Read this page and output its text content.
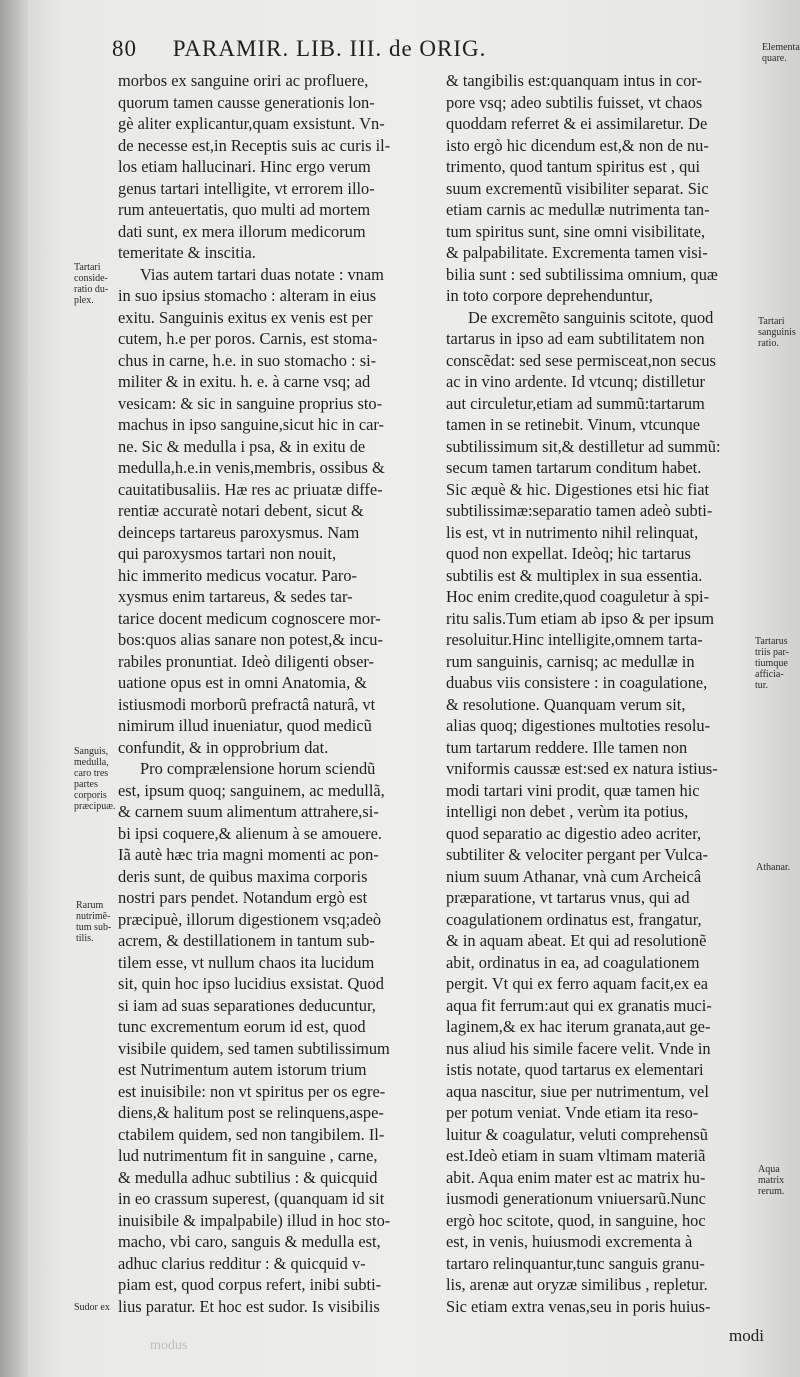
80 PARAMIR. LIB. III. de ORIG.
morbos ex sanguine oriri ac profluere,
quorum tamen causse generationis lon-
gè aliter explicantur,quam exsistunt. Vn-
de necesse est,in Receptis suis ac curis il-
los etiam hallucinari. Hinc ergo verum
genus tartari intelligite, vt errorem illo-
rum anteuertatis, quo multi ad mortem
dati sunt, ex mera illorum medicorum
temeritate & inscitia.
Vias autem tartari duas notate : vnam
in suo ipsius stomacho : alteram in eius
exitu. Sanguinis exitus ex venis est per
cutem, h.e per poros. Carnis, est stoma-
chus in carne, h.e. in suo stomacho : si-
militer & in exitu. h. e. à carne vsq; ad
vesicam: & sic in sanguine proprius sto-
machus in ipso sanguine,sicut hic in car-
ne. Sic & medulla i psa, & in exitu de
medulla,h.e.in venis,membris, ossibus &
cauitatibusaliis. Hæ res ac priuatæ diffe-
rentiæ accuratè notari debent, sicut &
deinceps tartareus paroxysmus. Nam
qui paroxysmos tartari non nouit,
hic immerito medicus vocatur. Paro-
xysmus enim tartareus, & sedes tar-
tarice docent medicum cognoscere mor-
bos:quos alias sanare non potest,& incu-
rabiles pronuntiat. Ideò diligenti obser-
uatione opus est in omni Anatomia, &
istiusmodi morborũ prefractâ naturâ, vt
nimirum illud inueniatur, quod medicũ
confundit, & in opprobrium dat.
Pro comprælensione horum sciendũ
est, ipsum quoq; sanguinem, ac medullã,
& carnem suum alimentum attrahere,si-
bi ipsi coquere,& alienum à se amouere.
Iã autè hæc tria magni momenti ac pon-
deris sunt, de quibus maxima corporis
nostri pars pendet. Notandum ergò est
præcipuè, illorum digestionem vsq;adeò
acrem, & destillationem in tantum sub-
tilem esse, vt nullum chaos ita lucidum
sit, quin hoc ipso lucidius exsistat. Quod
si iam ad suas separationes deducuntur,
tunc excrementum eorum id est, quod
visibile quidem, sed tamen subtilissimum
est Nutrimentum autem istorum trium
est inuisibile: non vt spiritus per os egre-
diens,& halitum post se relinquens,aspe-
ctabilem quidem, sed non tangibilem. Il-
lud nutrimentum fit in sanguine , carne,
& medulla adhuc subtilius : & quicquid
in eo crassum superest, (quanquam id sit
inuisibile & impalpabile) illud in hoc sto-
macho, vbi caro, sanguis & medulla est,
adhuc clarius redditur : & quicquid v-
piam est, quod corpus refert, inibi subti-
lius paratur. Et hoc est sudor. Is visibilis
& tangibilis est:quanquam intus in cor-
pore vsq; adeo subtilis fuisset, vt chaos
quoddam referret & ei assimilaretur. De
isto ergò hic dicendum est,& non de nu-
trimento, quod tantum spiritus est , qui
suum excrementũ visibiliter separat. Sic
etiam carnis ac medullæ nutrimenta tan-
tum spiritus sunt, sine omni visibilitate,
& palpabilitate. Excrementa tamen visi-
bilia sunt : sed subtilissima omnium, quæ
in toto corpore deprehenduntur,
De excremẽto sanguinis scitote, quod
tartarus in ipso ad eam subtilitatem non
conscẽdat: sed sese permisceat,non secus
ac in vino ardente. Id vtcunq; distilletur
aut circuletur,etiam ad summũ:tartarum
tamen in se retinebit. Vinum, vtcunque
subtilissimum sit,& destilletur ad summũ:
secum tamen tartarum conditum habet.
Sic æquè & hic. Digestiones etsi hic fiat
subtilissimæ:separatio tamen adeò subti-
lis est, vt in nutrimento nihil relinquat,
quod non expellat. Ideòq; hic tartarus
subtilis est & multiplex in sua essentia.
Hoc enim credite,quod coaguletur à spi-
ritu salis.Tum etiam ab ipso & per ipsum
resoluitur.Hinc intelligite,omnem tarta-
rum sanguinis, carnisq; ac medullæ in
duabus viis consistere : in coagulatione,
& resolutione. Quanquam verum sit,
alias quoq; digestiones multoties resolu-
tum tartarum reddere. Ille tamen non
vniformis caussæ est:sed ex natura istius-
modi tartari vini prodit, quæ tamen hic
intelligi non debet , verùm ita potius,
quod separatio ac digestio adeo acriter,
subtiliter & velociter pergant per Vulca-
nium suum Athanar, vnà cum Archeicâ
præparatione, vt tartarus vnus, qui ad
coagulationem ordinatus est, frangatur,
& in aquam abeat. Et qui ad resolutionẽ
abit, ordinatus in ea, ad coagulationem
pergit. Vt qui ex ferro aquam facit,ex ea
aqua fit ferrum:aut qui ex granatis muci-
laginem,& ex hac iterum granata,aut ge-
nus aliud his simile facere velit. Vnde in
istis notate, quod tartarus ex elementari
aqua nascitur, siue per nutrimentum, vel
per potum veniat. Vnde etiam ita reso-
luitur & coagulatur, veluti comprehensũ
est.Ideò etiam in suam vltimam materiã
abit. Aqua enim mater est ac matrix hu-
iusmodi generationum vniuersarũ.Nunc
ergò hoc scitote, quod, in sanguine, hoc
est, in venis, huiusmodi excrementa à
tartaro relinquantur,tunc sanguis granu-
lis, arenæ aut oryzæ similibus , repletur.
Sic etiam extra venas,seu in poris huius-
Tartari
conside-
ratio du-
plex.
Sanguis,
medulla,
caro tres
partes
corporis
præcipuæ.
Rarum
nutrimẽ-
tum sub-
tilis.
Sudor ex
Elementa
quare.
Tartari
sanguinis
ratio.
Tartarus
triis par-
tiumque
afficia-
tur.
Athanar.
Aqua
matrix
rerum.
modi
modus
